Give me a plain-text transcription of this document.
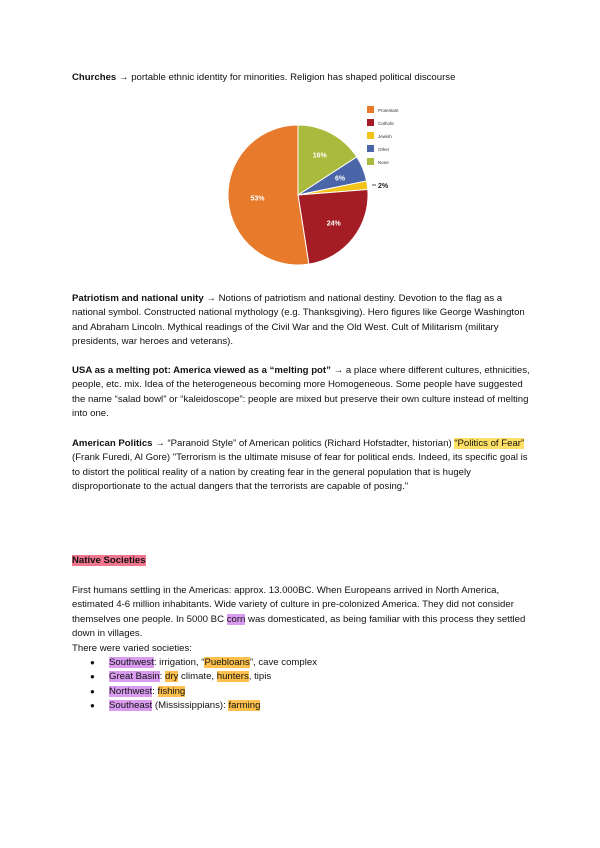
Churches → portable ethnic identity for minorities. Religion has shaped political discourse

16%
6%
2%
24%
53%
Protestant
Catholic
Jewish
Other
None

Patriotism and national unity → Notions of patriotism and national destiny. Devotion to the flag as a national symbol. Constructed national mythology (e.g. Thanksgiving). Hero figures like George Washington and Abraham Lincoln. Mythical readings of the Civil War and the Old West. Cult of Militarism (military presidents, war heroes and veterans).

USA as a melting pot: America viewed as a “melting pot” → a place where different cultures, ethnicities, people, etc. mix. Idea of the heterogeneous becoming more Homogeneous. Some people have suggested the name “salad bowl” or “kaleidoscope”: people are mixed but preserve their own culture instead of melting into one.

American Politics → “Paranoid Style” of American politics (Richard Hofstadter, historian) “Politics of Fear” (Frank Furedi, Al Gore) "Terrorism is the ultimate misuse of fear for political ends. Indeed, its specific goal is to distort the political reality of a nation by creating fear in the general population that is hugely disproportionate to the actual dangers that the terrorists are capable of posing."

Native Societies

First humans settling in the Americas: approx. 13.000BC. When Europeans arrived in North America, estimated 4-6 million inhabitants. Wide variety of culture in pre-colonized America. They did not consider themselves one people. In 5000 BC corn was domesticated, as being familiar with this process they settled down in villages.

There were varied societies:

● Southwest: irrigation, “Puebloans”, cave complex
● Great Basin: dry climate, hunters, tipis
● Northwest: fishing
● Southeast (Mississippians): farming
